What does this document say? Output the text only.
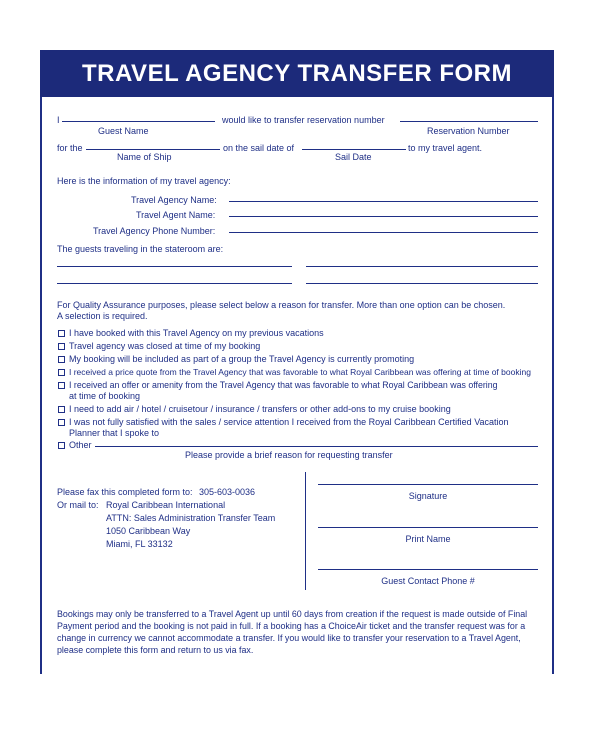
TRAVEL AGENCY TRANSFER FORM
I	would like to transfer reservation number
Guest Name	Reservation Number
for the	on the sail date of	to my travel agent.
Name of Ship	Sail Date
Here is the information of my travel agency:
Travel Agency Name:
Travel Agent Name:
Travel Agency Phone Number:
The guests traveling in the stateroom are:
For Quality Assurance purposes, please select below a reason for transfer. More than one option can be chosen.
A selection is required.
I have booked with this Travel Agency on my previous vacations
Travel agency was closed at time of my booking
My booking will be included as part of a group the Travel Agency is currently promoting
I received a price quote from the Travel Agency that was favorable to what Royal Caribbean was offering at time of booking
I received an offer or amenity from the Travel Agency that was favorable to what Royal Caribbean was offering
at time of booking
I need to add air / hotel / cruisetour / insurance / transfers or other add-ons to my cruise booking
I was not fully satisfied with the sales / service attention I received from the Royal Caribbean Certified Vacation
Planner that I spoke to
Other
Please provide a brief reason for requesting transfer
Please fax this completed form to: 305-603-0036
Or mail to: Royal Caribbean International
ATTN: Sales Administration Transfer Team
1050 Caribbean Way
Miami, FL 33132
Signature
Print Name
Guest Contact Phone #
Bookings may only be transferred to a Travel Agent up until 60 days from creation if the request is made outside of Final
Payment period and the booking is not paid in full. If a booking has a ChoiceAir ticket and the transfer request was for a
change in currency we cannot accommodate a transfer. If you would like to transfer your reservation to a Travel Agent,
please complete this form and return to us via fax.
